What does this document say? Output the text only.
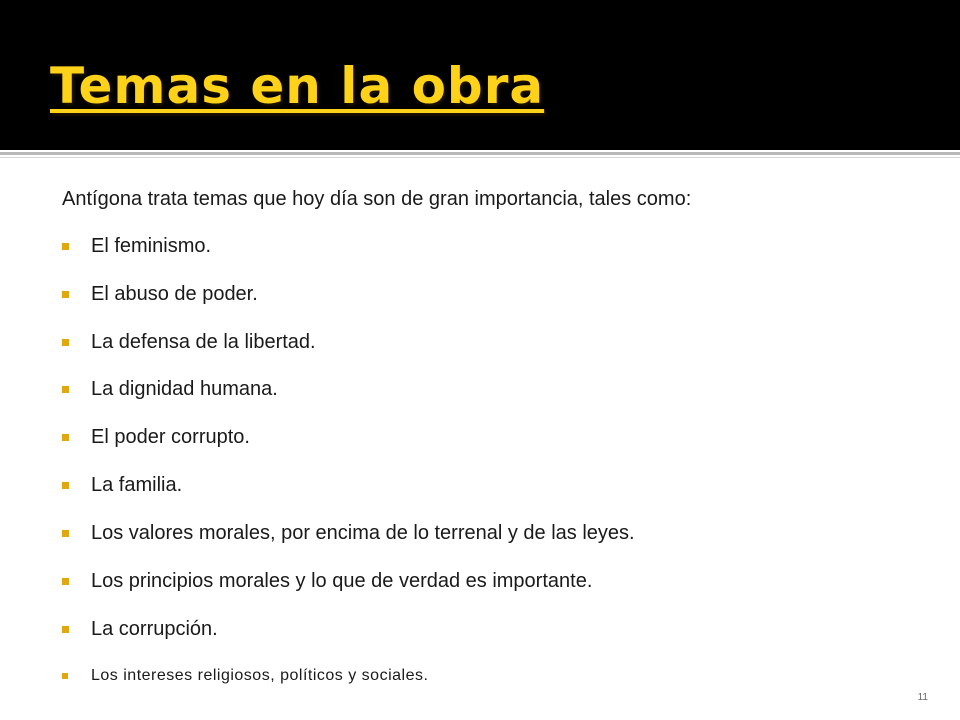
Temas en la obra

Antígona trata temas que hoy día son de gran importancia, tales como:

El feminismo.
El abuso de poder.
La defensa de la libertad.
La dignidad humana.
El poder corrupto.
La familia.
Los valores morales, por encima de lo terrenal y de las leyes.
Los principios morales y lo que de verdad es importante.
La corrupción.
Los intereses religiosos, políticos y sociales.
11
